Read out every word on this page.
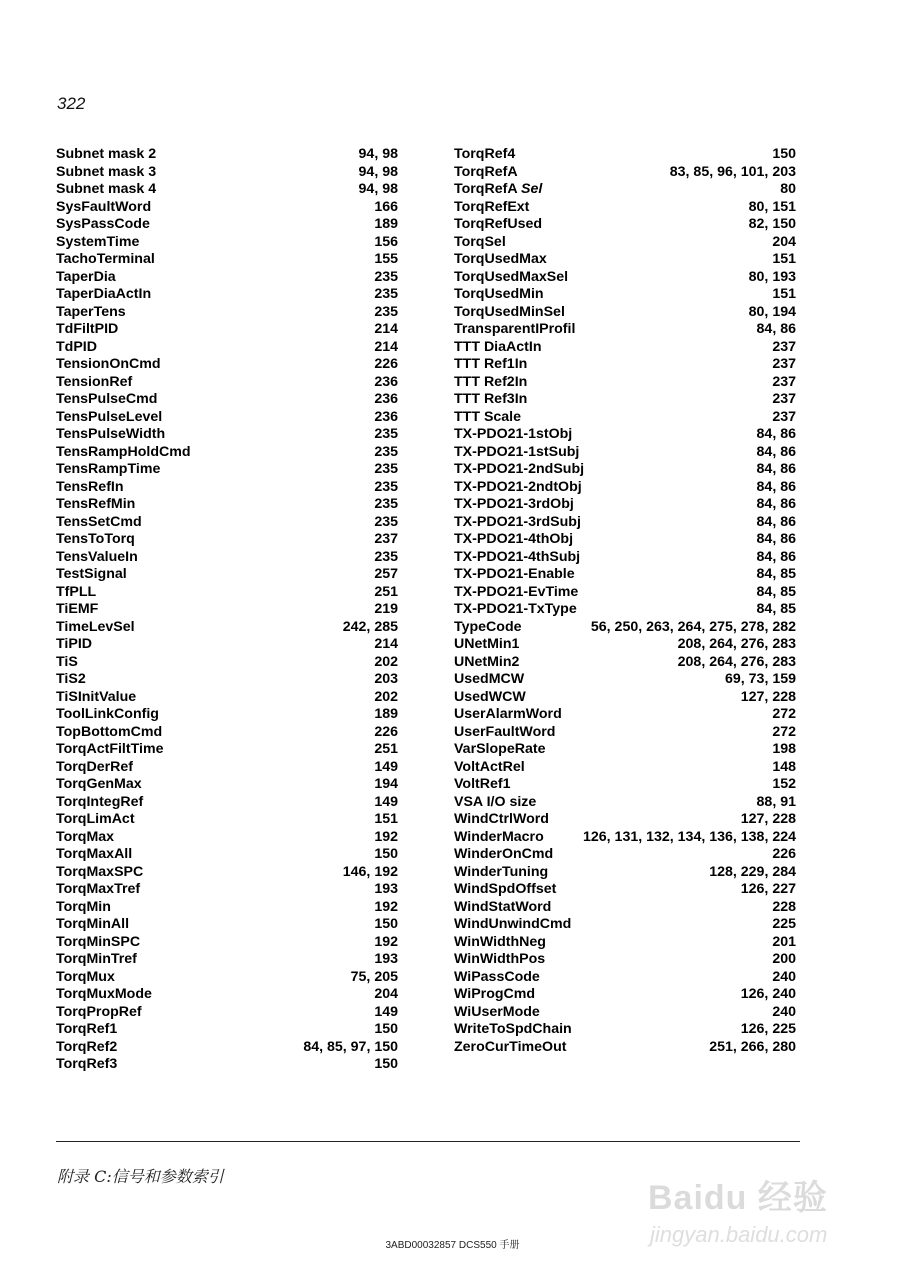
322
Subnet mask 2	94, 98
Subnet mask 3	94, 98
Subnet mask 4	94, 98
SysFaultWord	166
SysPassCode	189
SystemTime	156
TachoTerminal	155
TaperDia	235
TaperDiaActIn	235
TaperTens	235
TdFiltPID	214
TdPID	214
TensionOnCmd	226
TensionRef	236
TensPulseCmd	236
TensPulseLevel	236
TensPulseWidth	235
TensRampHoldCmd	235
TensRampTime	235
TensRefIn	235
TensRefMin	235
TensSetCmd	235
TensToTorq	237
TensValueIn	235
TestSignal	257
TfPLL	251
TiEMF	219
TimeLevSel	242, 285
TiPID	214
TiS	202
TiS2	203
TiSInitValue	202
ToolLinkConfig	189
TopBottomCmd	226
TorqActFiltTime	251
TorqDerRef	149
TorqGenMax	194
TorqIntegRef	149
TorqLimAct	151
TorqMax	192
TorqMaxAll	150
TorqMaxSPC	146, 192
TorqMaxTref	193
TorqMin	192
TorqMinAll	150
TorqMinSPC	192
TorqMinTref	193
TorqMux	75, 205
TorqMuxMode	204
TorqPropRef	149
TorqRef1	150
TorqRef2	84, 85, 97, 150
TorqRef3	150
TorqRef4	150
TorqRefA	83, 85, 96, 101, 203
TorqRefA Sel	80
TorqRefExt	80, 151
TorqRefUsed	82, 150
TorqSel	204
TorqUsedMax	151
TorqUsedMaxSel	80, 193
TorqUsedMin	151
TorqUsedMinSel	80, 194
TransparentIProfil	84, 86
TTT DiaActIn	237
TTT Ref1In	237
TTT Ref2In	237
TTT Ref3In	237
TTT Scale	237
TX-PDO21-1stObj	84, 86
TX-PDO21-1stSubj	84, 86
TX-PDO21-2ndSubj	84, 86
TX-PDO21-2ndtObj	84, 86
TX-PDO21-3rdObj	84, 86
TX-PDO21-3rdSubj	84, 86
TX-PDO21-4thObj	84, 86
TX-PDO21-4thSubj	84, 86
TX-PDO21-Enable	84, 85
TX-PDO21-EvTime	84, 85
TX-PDO21-TxType	84, 85
TypeCode	56, 250, 263, 264, 275, 278, 282
UNetMin1	208, 264, 276, 283
UNetMin2	208, 264, 276, 283
UsedMCW	69, 73, 159
UsedWCW	127, 228
UserAlarmWord	272
UserFaultWord	272
VarSlopeRate	198
VoltActRel	148
VoltRef1	152
VSA I/O size	88, 91
WindCtrlWord	127, 228
WinderMacro	126, 131, 132, 134, 136, 138, 224
WinderOnCmd	226
WinderTuning	128, 229, 284
WindSpdOffset	126, 227
WindStatWord	228
WindUnwindCmd	225
WinWidthNeg	201
WinWidthPos	200
WiPassCode	240
WiProgCmd	126, 240
WiUserMode	240
WriteToSpdChain	126, 225
ZeroCurTimeOut	251, 266, 280
附录 C:信号和参数索引
3ABD00032857 DCS550 手册
Baidu 经验
jingyan.baidu.com
